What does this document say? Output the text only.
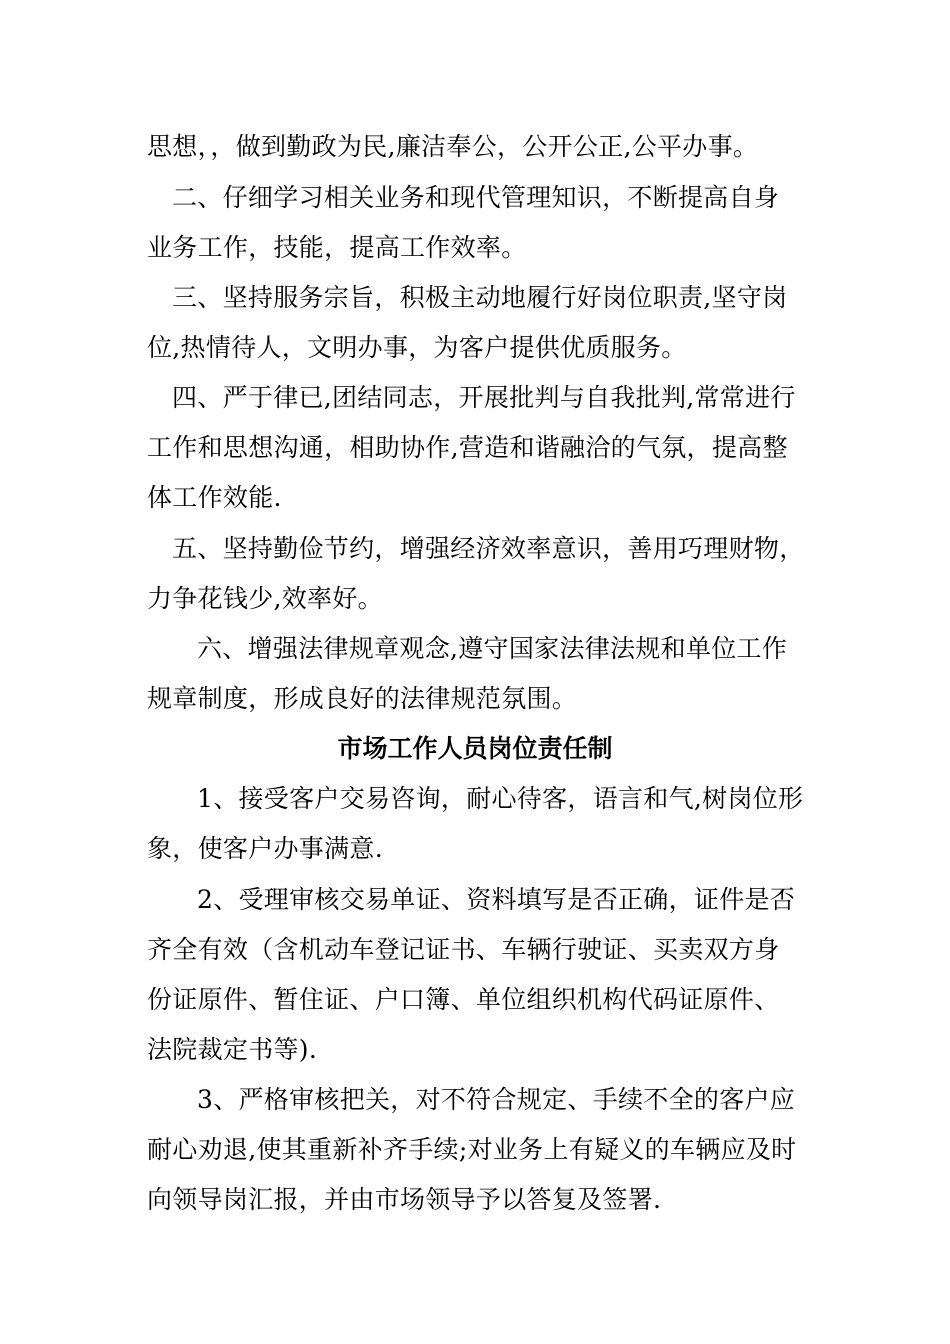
思想，，做到勤政为民,廉洁奉公，公开公正,公平办事。
二、仔细学习相关业务和现代管理知识，不断提高自身
业务工作，技能，提高工作效率。
三、坚持服务宗旨，积极主动地履行好岗位职责,坚守岗
位,热情待人，文明办事，为客户提供优质服务。
四、严于律已,团结同志，开展批判与自我批判,常常进行
工作和思想沟通，相助协作,营造和谐融洽的气氛，提高整
体工作效能.
五、坚持勤俭节约，增强经济效率意识，善用巧理财物，
力争花钱少,效率好。
六、增强法律规章观念,遵守国家法律法规和单位工作
规章制度，形成良好的法律规范氛围。
市场工作人员岗位责任制
1、接受客户交易咨询，耐心待客，语言和气,树岗位形
象，使客户办事满意.
2、受理审核交易单证、资料填写是否正确，证件是否
齐全有效（含机动车登记证书、车辆行驶证、买卖双方身
份证原件、暂住证、户口簿、单位组织机构代码证原件、
法院裁定书等).
3、严格审核把关，对不符合规定、手续不全的客户应
耐心劝退,使其重新补齐手续;对业务上有疑义的车辆应及时
向领导岗汇报，并由市场领导予以答复及签署.
